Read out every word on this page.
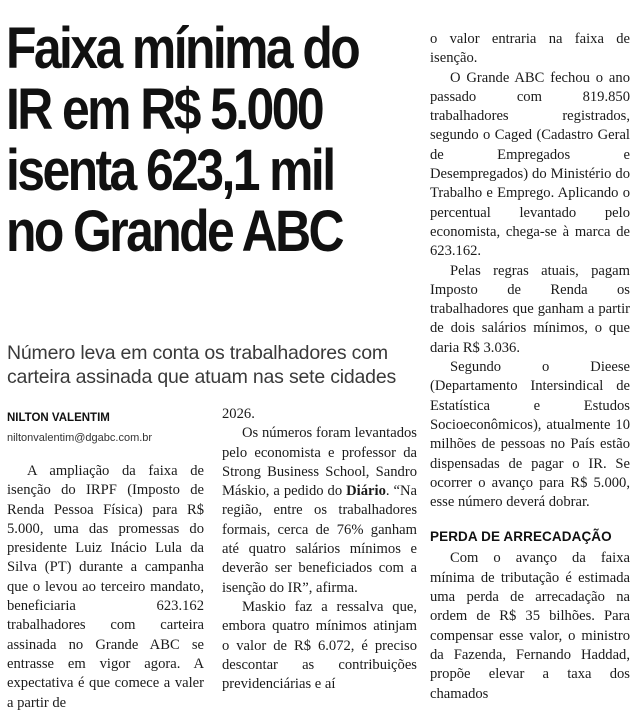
Faixa mínima do
IR em R$ 5.000
isenta 623,1 mil
no Grande ABC

Número leva em conta os trabalhadores com carteira assinada que atuam nas sete cidades

NILTON VALENTIM
niltonvalentim@dgabc.com.br

A ampliação da faixa de isenção do IRPF (Imposto de Renda Pessoa Física) para R$ 5.000, uma das promessas do presidente Luiz Inácio Lula da Silva (PT) durante a campanha que o levou ao terceiro mandato, beneficiaria 623.162 trabalhadores com carteira assinada no Grande ABC se entrasse em vigor agora. A expectativa é que comece a valer a partir de

2026.

Os números foram levantados pelo economista e professor da Strong Business School, Sandro Máskio, a pedido do Diário. “Na região, entre os trabalhadores formais, cerca de 76% ganham até quatro salários mínimos e deverão ser beneficiados com a isenção do IR”, afirma.

Maskio faz a ressalva que, embora quatro mínimos atinjam o valor de R$ 6.072, é preciso descontar as contribuições previdenciárias e aí

o valor entraria na faixa de isenção.

O Grande ABC fechou o ano passado com 819.850 trabalhadores registrados, segundo o Caged (Cadastro Geral de Empregados e Desempregados) do Ministério do Trabalho e Emprego. Aplicando o percentual levantado pelo economista, chega-se à marca de 623.162.

Pelas regras atuais, pagam Imposto de Renda os trabalhadores que ganham a partir de dois salários mínimos, o que daria R$ 3.036.

Segundo o Dieese (Departamento Intersindical de Estatística e Estudos Socioeconômicos), atualmente 10 milhões de pessoas no País estão dispensadas de pagar o IR. Se ocorrer o avanço para R$ 5.000, esse número deverá dobrar.

PERDA DE ARRECADAÇÃO

Com o avanço da faixa mínima de tributação é estimada uma perda de arrecadação na ordem de R$ 35 bilhões. Para compensar esse valor, o ministro da Fazenda, Fernando Haddad, propõe elevar a taxa dos chamados
